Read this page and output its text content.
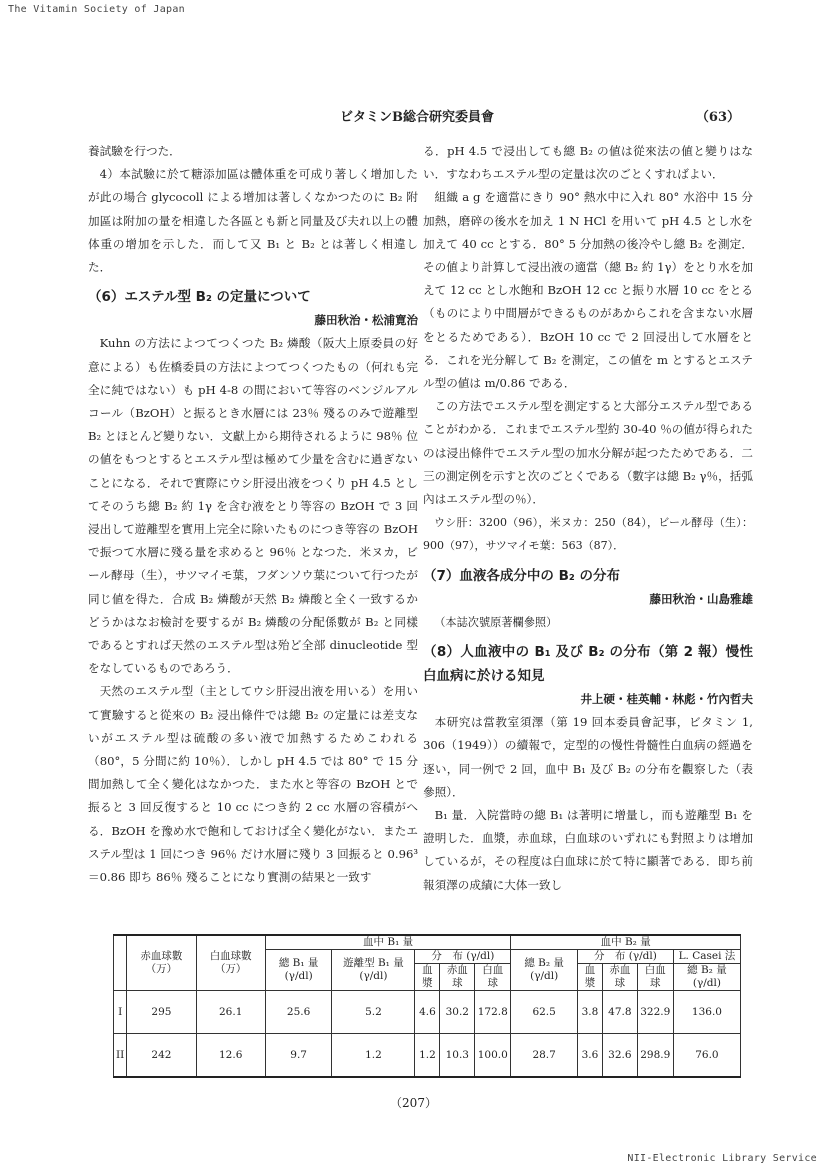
The Vitamin Society of Japan
ビタミンB総合研究委員會	（63）

養試驗を行つた．

4）本試驗に於て糖添加區は體体重を可成り著しく增加したが此の場合 glycocoll による增加は著しくなかつたのに B₂ 附加區は附加の量を相違した各區とも新と同量及び夫れ以上の體体重の增加を示した．而して又 B₁ と B₂ とは著しく相違した．

（6）エステル型 B₂ の定量について

藤田秋治・松浦寛治

Kuhn の方法によつてつくつた B₂ 燐酸（阪大上原委員の好意による）も佐橋委員の方法によつてつくつたもの（何れも完全に純ではない）も pH 4-8 の間において等容のベンジルアルコール（BzOH）と振るとき水層には 23％ 殘るのみで遊離型 B₂ とほとんど變りない．文獻上から期待されるように 98％ 位の値をもつとするとエステル型は極めて少量を含むに過ぎないことになる．それで實際にウシ肝浸出液をつくり pH 4.5 としてそのうち總 B₂ 約 1γ を含む液をとり等容の BzOH で 3 回浸出して遊離型を實用上完全に除いたものにつき等容の BzOH で振つて水層に殘る量を求めると 96％ となつた．米ヌカ，ビール酵母（生），サツマイモ葉，フダンソウ葉について行つたが同じ値を得た．合成 B₂ 燐酸が天然 B₂ 燐酸と全く一致するかどうかはなお檢討を要するが B₂ 燐酸の分配係數が B₂ と同樣であるとすれば天然のエステル型は殆ど全部 dinucleotide 型をなしているものであろう．

天然のエステル型（主としてウシ肝浸出液を用いる）を用いて實驗すると從來の B₂ 浸出條件では總 B₂ の定量には差支ないがエステル型は硫酸の多い液で加熱するためこわれる（80°，5 分間に約 10％）．しかし pH 4.5 では 80° で 15 分間加熱して全く變化はなかつた．また水と等容の BzOH とで振ると 3 回反復すると 10 cc につき約 2 cc 水層の容積がへる．BzOH を豫め水で飽和しておけば全く變化がない．またエステル型は 1 回につき 96％ だけ水層に殘り 3 回振ると 0.96³＝0.86 即ち 86％ 殘ることになり實測の結果と一致す

る．pH 4.5 で浸出しても總 B₂ の値は從來法の値と變りはない．すなわちエステル型の定量は次のごとくすればよい．

組織 a g を適當にきり 90° 熱水中に入れ 80° 水浴中 15 分加熱，磨碎の後水を加え 1 N HCl を用いて pH 4.5 とし水を加えて 40 cc とする．80° 5 分加熱の後冷やし總 B₂ を測定．その値より計算して浸出液の適當（總 B₂ 約 1γ）をとり水を加えて 12 cc とし水飽和 BzOH 12 cc と振り水層 10 cc をとる（ものにより中間層ができるものがあからこれを含まない水層をとるためである）．BzOH 10 cc で 2 回浸出して水層をとる．これを光分解して B₂ を測定，この値を m とするとエステル型の値は m/0.86 である．

この方法でエステル型を測定すると大部分エステル型であることがわかる．これまでエステル型約 30-40 ％の値が得られたのは浸出條件でエステル型の加水分解が起つたためである．二三の測定例を示すと次のごとくである（數字は總 B₂ γ％，括弧內はエステル型の％）．

ウシ肝：3200（96），米ヌカ：250（84），ビール酵母（生）：900（97），サツマイモ葉：563（87）．

（7）血液各成分中の B₂ の分布

藤田秋治・山島雅雄

（本誌次號原著欄參照）

（8）人血液中の B₁ 及び B₂ の分布（第 2 報）慢性白血病に於ける知見

井上硬・桂英輔・林彪・竹內哲夫

本研究は當教室須澤（第 19 回本委員會記事，ビタミン 1, 306（1949））の續報で，定型的の慢性骨髓性白血病の經過を逐い，同一例で 2 回，血中 B₁ 及び B₂ の分布を觀察した（表參照）．

B₁ 量．入院當時の總 B₁ は著明に增量し，而も遊離型 B₁ を證明した．血漿，赤血球，白血球のいずれにも對照よりは增加しているが，その程度は白血球に於て特に顯著である．即ち前報須澤の成績に大体一致し

	赤血球數（万）	白血球數（万）	血中 B₁ 量					血中 B₂ 量				
			總 B₁ 量 (γ/dl)	遊離型 B₁ 量 (γ/dl)	分　布 (γ/dl)			總 B₂ 量 (γ/dl)	分　布 (γ/dl)			L. Casei 法
					血漿	赤血球	白血球		血漿	赤血球	白血球	總 B₂ 量 (γ/dl)
I	295	26.1	25.6	5.2	4.6	30.2	172.8	62.5	3.8	47.8	322.9	136.0
II	242	12.6	9.7	1.2	1.2	10.3	100.0	28.7	3.6	32.6	298.9	76.0
（207）
NII-Electronic Library Service
